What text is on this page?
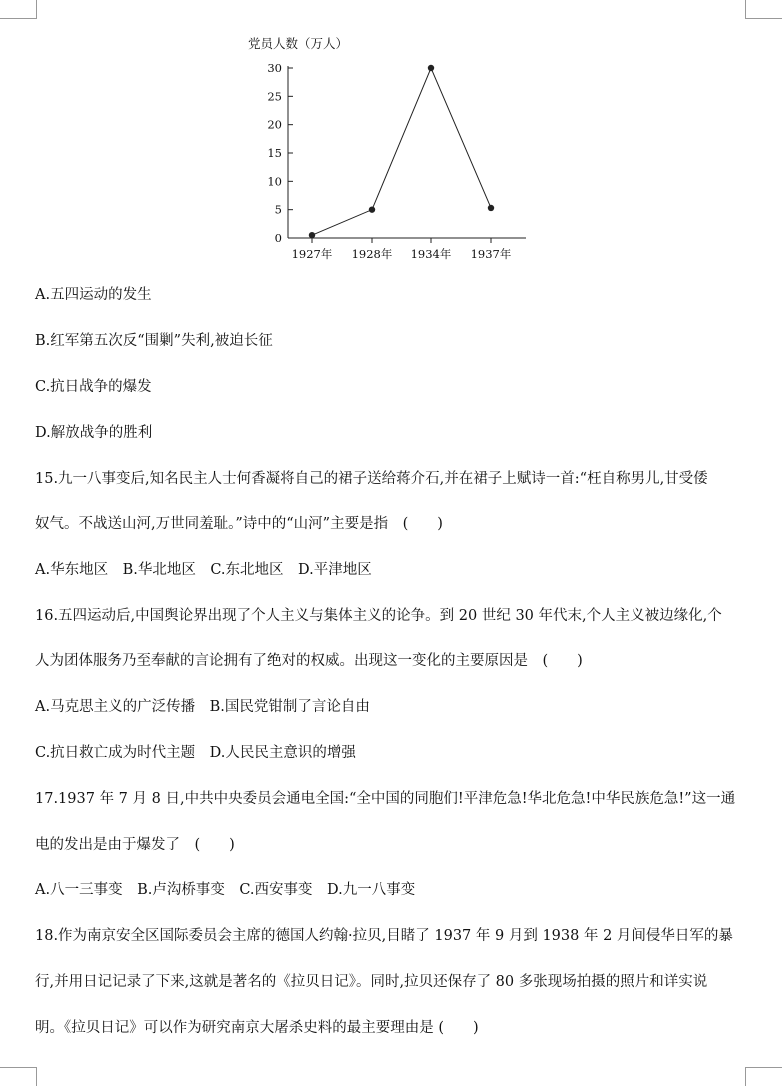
党员人数（万人）
0
5
10
15
20
25
30
1927年 1928年 1934年 1937年
A.五四运动的发生
B.红军第五次反“围剿”失利,被迫长征
C.抗日战争的爆发
D.解放战争的胜利
15.九一八事变后,知名民主人士何香凝将自己的裙子送给蒋介石,并在裙子上赋诗一首:“枉自称男儿,甘受倭
奴气。不战送山河,万世同羞耻。”诗中的“山河”主要是指　(　　)
A.华东地区　B.华北地区　C.东北地区　D.平津地区
16.五四运动后,中国舆论界出现了个人主义与集体主义的论争。到 20 世纪 30 年代末,个人主义被边缘化,个
人为团体服务乃至奉献的言论拥有了绝对的权威。出现这一变化的主要原因是　(　　)
A.马克思主义的广泛传播　B.国民党钳制了言论自由
C.抗日救亡成为时代主题　D.人民民主意识的增强
17.1937 年 7 月 8 日,中共中央委员会通电全国:“全中国的同胞们!平津危急!华北危急!中华民族危急!”这一通
电的发出是由于爆发了　(　　)
A.八一三事变　B.卢沟桥事变　C.西安事变　D.九一八事变
18.作为南京安全区国际委员会主席的德国人约翰·拉贝,目睹了 1937 年 9 月到 1938 年 2 月间侵华日军的暴
行,并用日记记录了下来,这就是著名的《拉贝日记》。同时,拉贝还保存了 80 多张现场拍摄的照片和详实说
明。《拉贝日记》可以作为研究南京大屠杀史料的最主要理由是 (　　)
